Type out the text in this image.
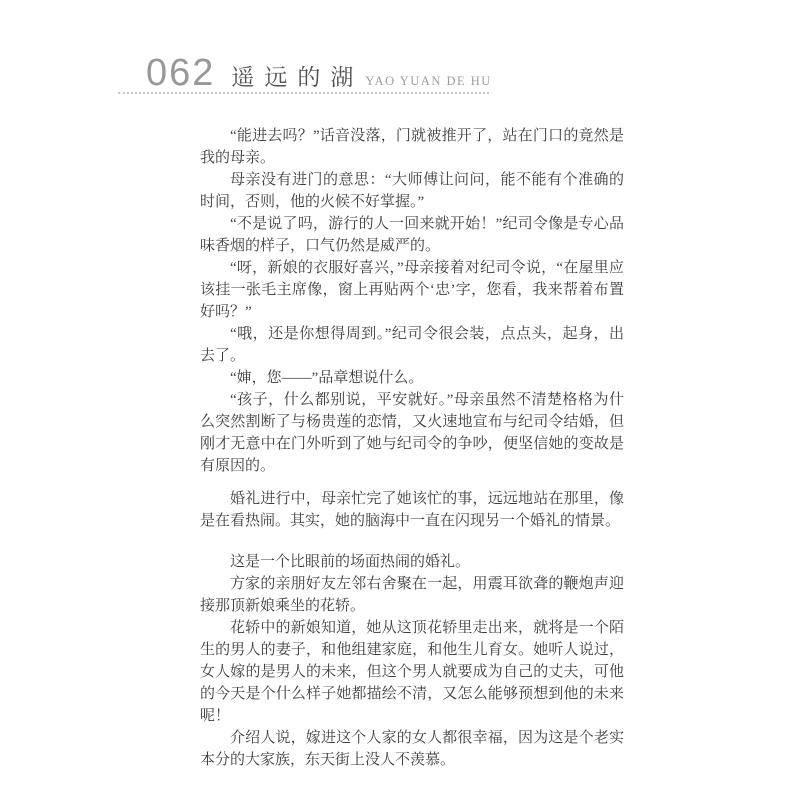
062 遥远的湖 YAO YUAN DE HU

“能进去吗？”话音没落，门就被推开了，站在门口的竟然是我的母亲。

母亲没有进门的意思：“大师傅让问问，能不能有个准确的时间，否则，他的火候不好掌握。”

“不是说了吗，游行的人一回来就开始！”纪司令像是专心品味香烟的样子，口气仍然是威严的。

“呀，新娘的衣服好喜兴，”母亲接着对纪司令说，“在屋里应该挂一张毛主席像，窗上再贴两个‘忠’字，您看，我来帮着布置好吗？”

“哦，还是你想得周到。”纪司令很会装，点点头，起身，出去了。

“婶，您——”品章想说什么。

“孩子，什么都别说，平安就好。”母亲虽然不清楚格格为什么突然割断了与杨贵莲的恋情，又火速地宣布与纪司令结婚，但刚才无意中在门外听到了她与纪司令的争吵，便坚信她的变故是有原因的。

婚礼进行中，母亲忙完了她该忙的事，远远地站在那里，像是在看热闹。其实，她的脑海中一直在闪现另一个婚礼的情景。

这是一个比眼前的场面热闹的婚礼。

方家的亲朋好友左邻右舍聚在一起，用震耳欲聋的鞭炮声迎接那顶新娘乘坐的花轿。

花轿中的新娘知道，她从这顶花轿里走出来，就将是一个陌生的男人的妻子，和他组建家庭，和他生儿育女。她听人说过，女人嫁的是男人的未来，但这个男人就要成为自己的丈夫，可他的今天是个什么样子她都描绘不清，又怎么能够预想到他的未来呢！

介绍人说，嫁进这个人家的女人都很幸福，因为这是个老实本分的大家族，东天街上没人不羡慕。
